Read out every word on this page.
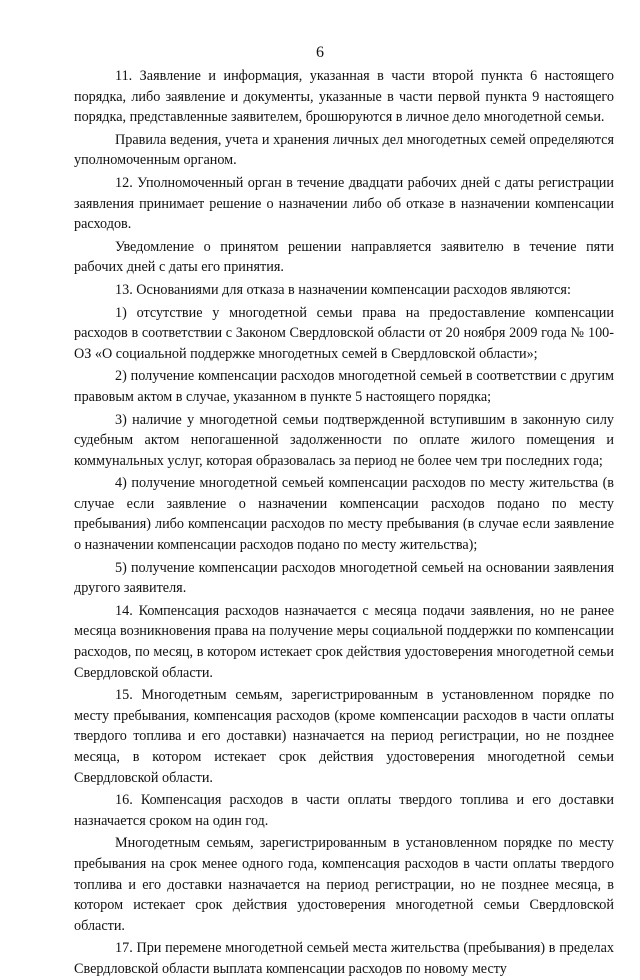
6

11. Заявление и информация, указанная в части второй пункта 6 настоящего порядка, либо заявление и документы, указанные в части первой пункта 9 настоящего порядка, представленные заявителем, брошюруются в личное дело многодетной семьи.

Правила ведения, учета и хранения личных дел многодетных семей определяются уполномоченным органом.

12. Уполномоченный орган в течение двадцати рабочих дней с даты регистрации заявления принимает решение о назначении либо об отказе в назначении компенсации расходов.

Уведомление о принятом решении направляется заявителю в течение пяти рабочих дней с даты его принятия.

13. Основаниями для отказа в назначении компенсации расходов являются:

1) отсутствие у многодетной семьи права на предоставление компенсации расходов в соответствии с Законом Свердловской области от 20 ноября 2009 года № 100-ОЗ «О социальной поддержке многодетных семей в Свердловской области»;

2) получение компенсации расходов многодетной семьей в соответствии с другим правовым актом в случае, указанном в пункте 5 настоящего порядка;

3) наличие у многодетной семьи подтвержденной вступившим в законную силу судебным актом непогашенной задолженности по оплате жилого помещения и коммунальных услуг, которая образовалась за период не более чем три последних года;

4) получение многодетной семьей компенсации расходов по месту жительства (в случае если заявление о назначении компенсации расходов подано по месту пребывания) либо компенсации расходов по месту пребывания (в случае если заявление о назначении компенсации расходов подано по месту жительства);

5) получение компенсации расходов многодетной семьей на основании заявления другого заявителя.

14. Компенсация расходов назначается с месяца подачи заявления, но не ранее месяца возникновения права на получение меры социальной поддержки по компенсации расходов, по месяц, в котором истекает срок действия удостоверения многодетной семьи Свердловской области.

15. Многодетным семьям, зарегистрированным в установленном порядке по месту пребывания, компенсация расходов (кроме компенсации расходов в части оплаты твердого топлива и его доставки) назначается на период регистрации, но не позднее месяца, в котором истекает срок действия удостоверения многодетной семьи Свердловской области.

16. Компенсация расходов в части оплаты твердого топлива и его доставки назначается сроком на один год.

Многодетным семьям, зарегистрированным в установленном порядке по месту пребывания на срок менее одного года, компенсация расходов в части оплаты твердого топлива и его доставки назначается на период регистрации, но не позднее месяца, в котором истекает срок действия удостоверения многодетной семьи Свердловской области.

17. При перемене многодетной семьей места жительства (пребывания) в пределах Свердловской области выплата компенсации расходов по новому месту
